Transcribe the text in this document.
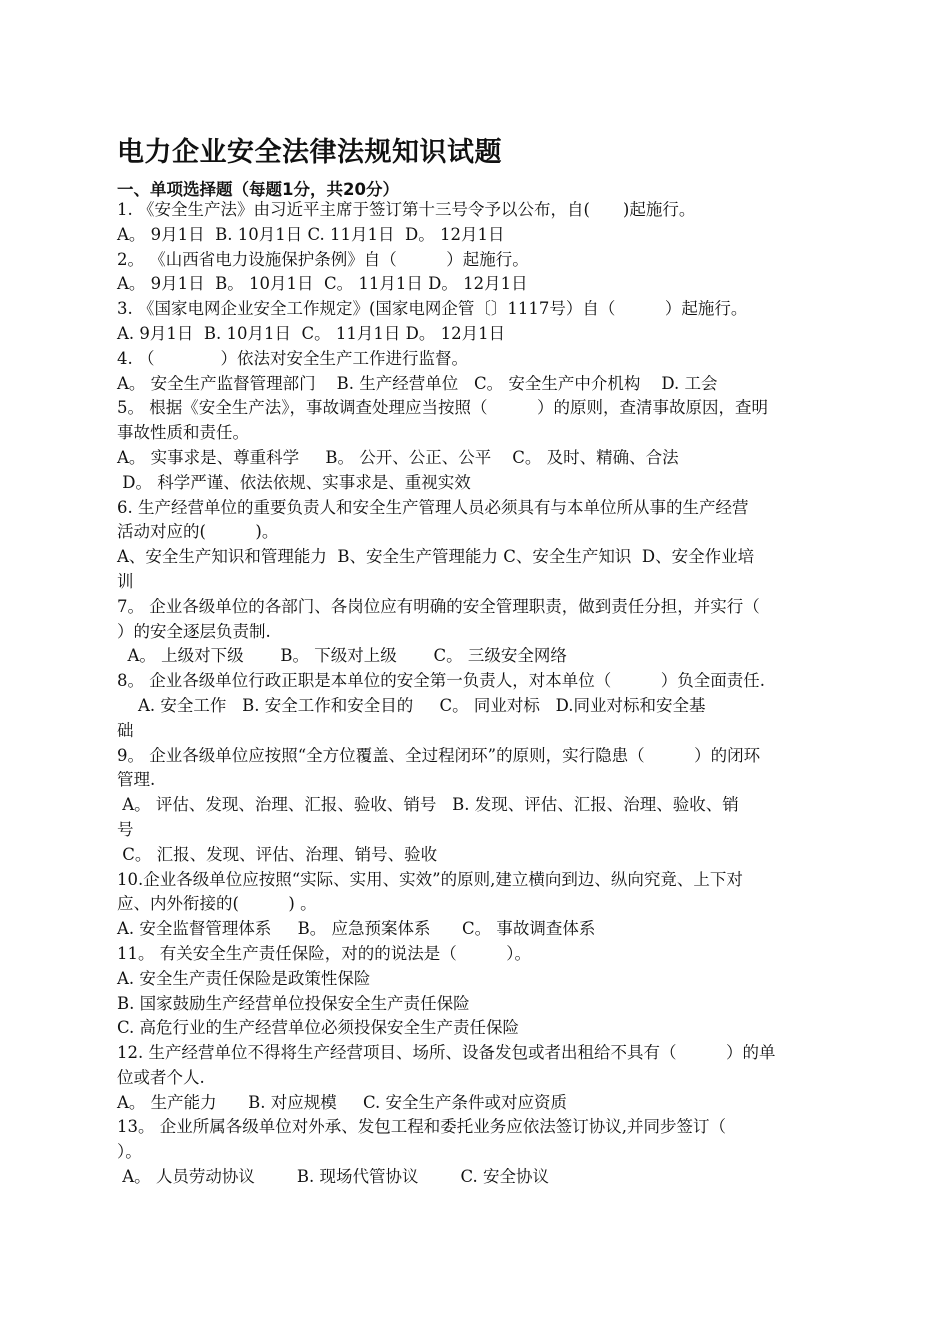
电力企业安全法律法规知识试题
一、单项选择题（每题1分，共20分）
1. 《安全生产法》由习近平主席于签订第十三号令予以公布，自(　　)起施行。
A。 9月1日  B. 10月1日 C. 11月1日  D。 12月1日
2。 《山西省电力设施保护条例》自（　　　）起施行。
A。 9月1日  B。 10月1日  C。 11月1日 D。 12月1日
3. 《国家电网企业安全工作规定》(国家电网企管〔〕1117号）自（　　　）起施行。
A. 9月1日  B. 10月1日  C。 11月1日 D。 12月1日
4. （　　　　）依法对安全生产工作进行监督。
A。 安全生产监督管理部门    B. 生产经营单位   C。 安全生产中介机构    D. 工会
5。 根据《安全生产法》，事故调查处理应当按照（　　　）的原则，查清事故原因，查明
事故性质和责任。
A。 实事求是、尊重科学     B。 公开、公正、公平    C。 及时、精确、合法
D。 科学严谨、依法依规、实事求是、重视实效
6. 生产经营单位的重要负责人和安全生产管理人员必须具有与本单位所从事的生产经营
活动对应的(　　　)。
A、安全生产知识和管理能力  B、安全生产管理能力 C、安全生产知识  D、安全作业培
训
7。 企业各级单位的各部门、各岗位应有明确的安全管理职责，做到责任分担，并实行（
）的安全逐层负责制.
A。 上级对下级       B。 下级对上级       C。 三级安全网络
8。 企业各级单位行政正职是本单位的安全第一负责人，对本单位（　　　）负全面责任.
A. 安全工作   B. 安全工作和安全目的     C。 同业对标   D.同业对标和安全基
础
9。 企业各级单位应按照“全方位覆盖、全过程闭环”的原则，实行隐患（　　　）的闭环
管理.
A。 评估、发现、治理、汇报、验收、销号   B. 发现、评估、汇报、治理、验收、销
号
C。 汇报、发现、评估、治理、销号、验收
10.企业各级单位应按照“实际、实用、实效”的原则,建立横向到边、纵向究竟、上下对
应、内外衔接的(　　　) 。
A. 安全监督管理体系     B。 应急预案体系      C。 事故调查体系
11。 有关安全生产责任保险，对的的说法是（　　　）。
A. 安全生产责任保险是政策性保险
B. 国家鼓励生产经营单位投保安全生产责任保险
C. 高危行业的生产经营单位必须投保安全生产责任保险
12. 生产经营单位不得将生产经营项目、场所、设备发包或者出租给不具有（　　　）的单
位或者个人.
A。 生产能力      B. 对应规模     C. 安全生产条件或对应资质
13。 企业所属各级单位对外承、发包工程和委托业务应依法签订协议,并同步签订（
）。
A。 人员劳动协议        B. 现场代管协议        C. 安全协议
